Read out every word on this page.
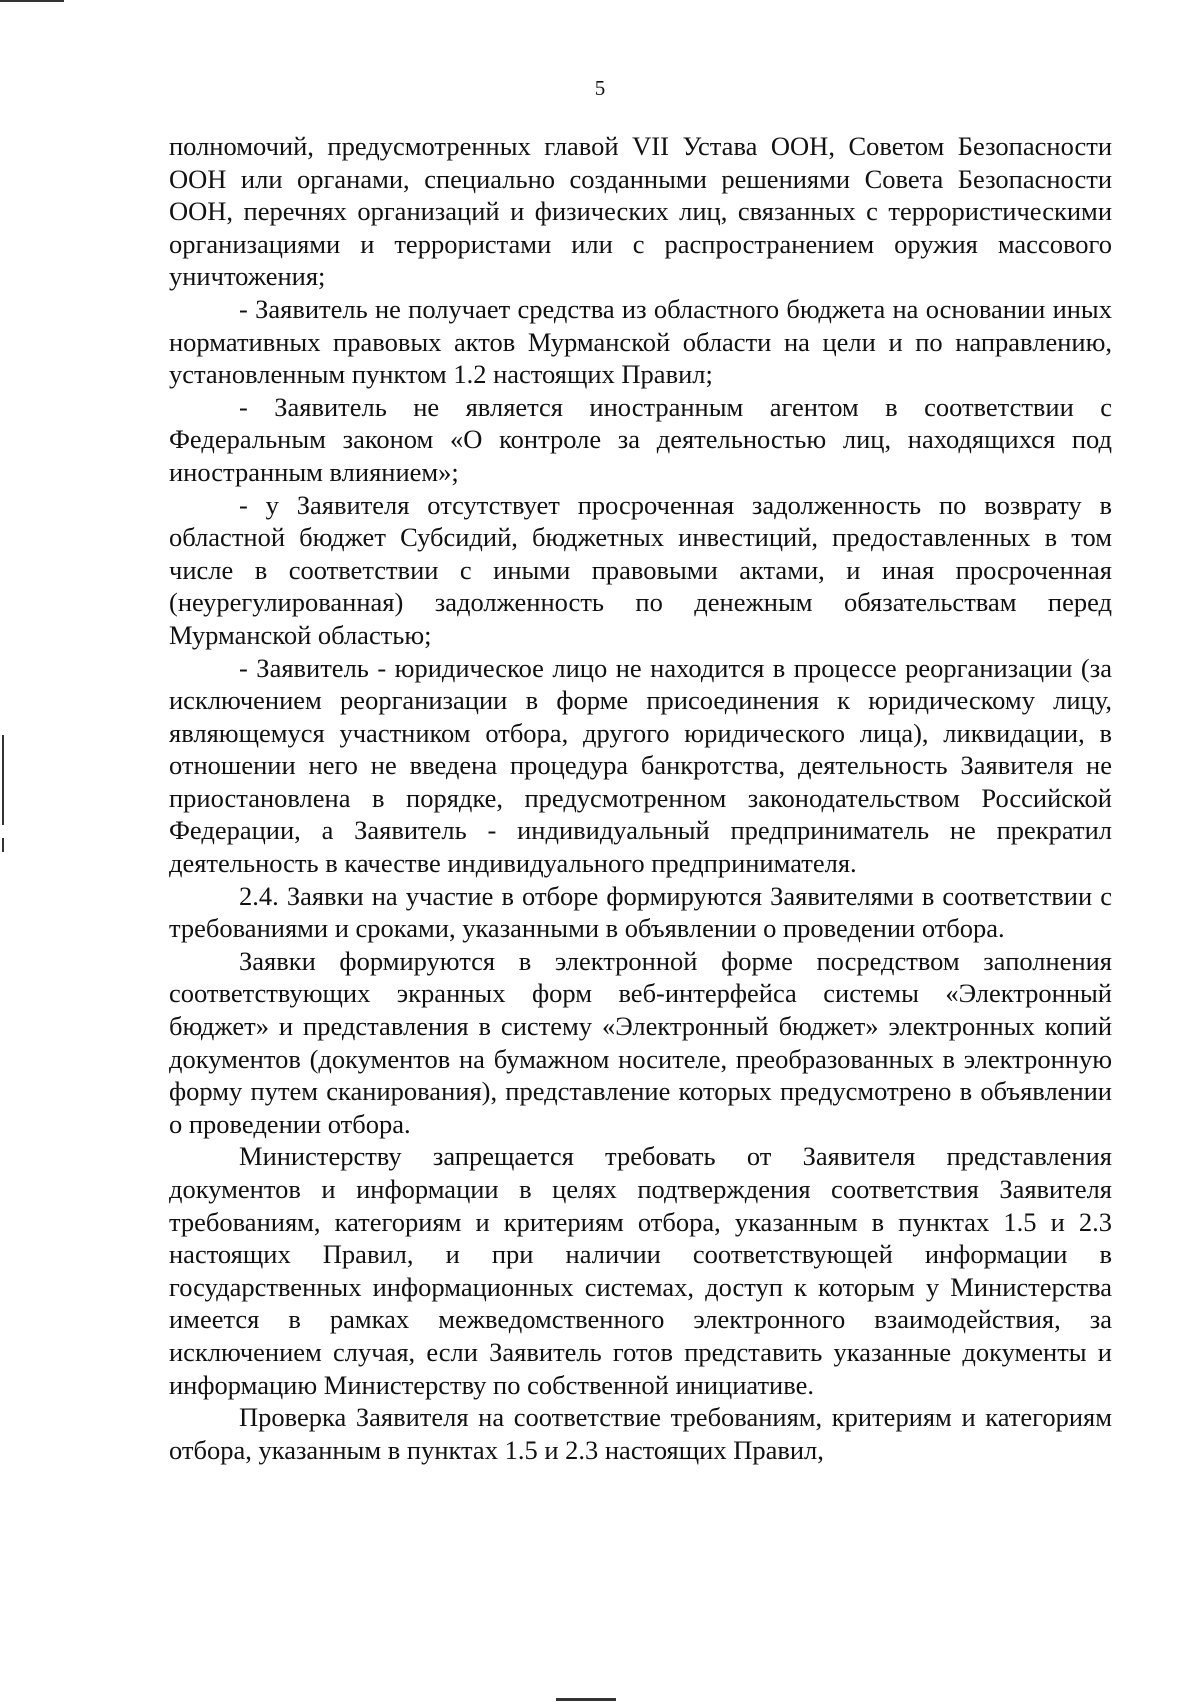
5

полномочий, предусмотренных главой VII Устава ООН, Советом Безопасности ООН или органами, специально созданными решениями Совета Безопасности ООН, перечнях организаций и физических лиц, связанных с террористическими организациями и террористами или с распространением оружия массового уничтожения;

- Заявитель не получает средства из областного бюджета на основании иных нормативных правовых актов Мурманской области на цели и по направлению, установленным пунктом 1.2 настоящих Правил;

- Заявитель не является иностранным агентом в соответствии с Федеральным законом «О контроле за деятельностью лиц, находящихся под иностранным влиянием»;

- у Заявителя отсутствует просроченная задолженность по возврату в областной бюджет Субсидий, бюджетных инвестиций, предоставленных в том числе в соответствии с иными правовыми актами, и иная просроченная (неурегулированная) задолженность по денежным обязательствам перед Мурманской областью;

- Заявитель - юридическое лицо не находится в процессе реорганизации (за исключением реорганизации в форме присоединения к юридическому лицу, являющемуся участником отбора, другого юридического лица), ликвидации, в отношении него не введена процедура банкротства, деятельность Заявителя не приостановлена в порядке, предусмотренном законодательством Российской Федерации, а Заявитель - индивидуальный предприниматель не прекратил деятельность в качестве индивидуального предпринимателя.

2.4. Заявки на участие в отборе формируются Заявителями в соответствии с требованиями и сроками, указанными в объявлении о проведении отбора.

Заявки формируются в электронной форме посредством заполнения соответствующих экранных форм веб-интерфейса системы «Электронный бюджет» и представления в систему «Электронный бюджет» электронных копий документов (документов на бумажном носителе, преобразованных в электронную форму путем сканирования), представление которых предусмотрено в объявлении о проведении отбора.

Министерству запрещается требовать от Заявителя представления документов и информации в целях подтверждения соответствия Заявителя требованиям, категориям и критериям отбора, указанным в пунктах 1.5 и 2.3 настоящих Правил, и при наличии соответствующей информации в государственных информационных системах, доступ к которым у Министерства имеется в рамках межведомственного электронного взаимодействия, за исключением случая, если Заявитель готов представить указанные документы и информацию Министерству по собственной инициативе.

Проверка Заявителя на соответствие требованиям, критериям и категориям отбора, указанным в пунктах 1.5 и 2.3 настоящих Правил,
